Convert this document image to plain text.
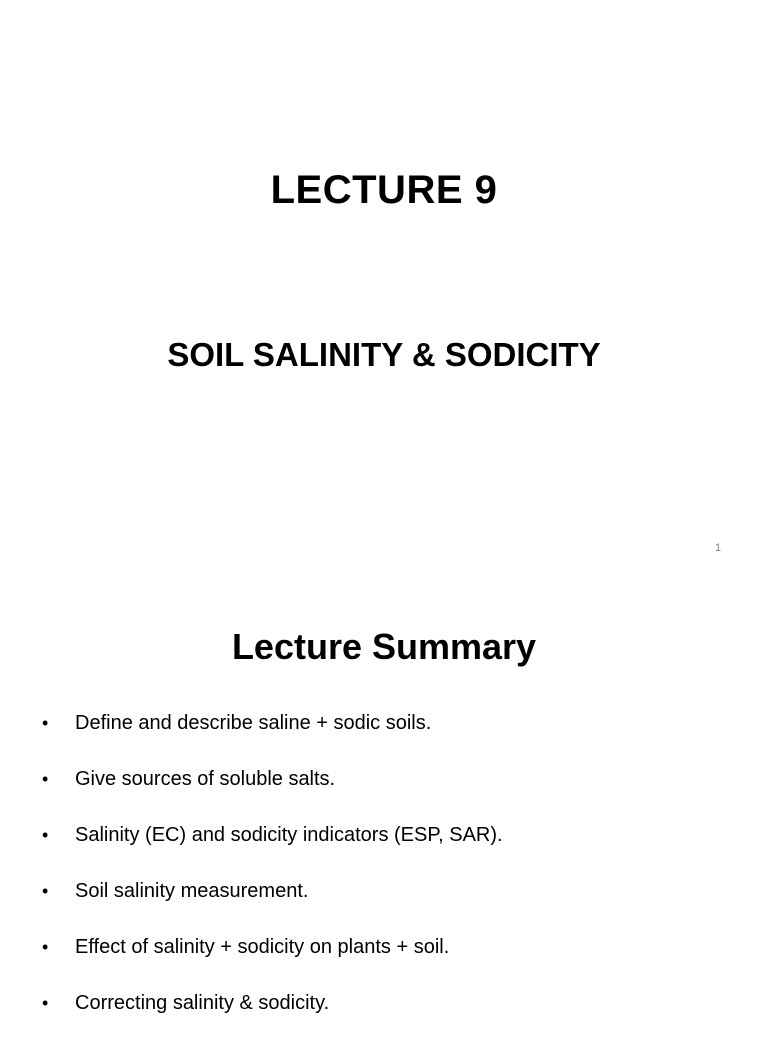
LECTURE 9
SOIL SALINITY & SODICITY
1
Lecture Summary
•	Define and describe saline + sodic soils.
•	Give sources of soluble salts.
•	Salinity (EC) and sodicity indicators (ESP, SAR).
•	Soil salinity measurement.
•	Effect of salinity + sodicity on plants + soil.
•	Correcting salinity & sodicity.
